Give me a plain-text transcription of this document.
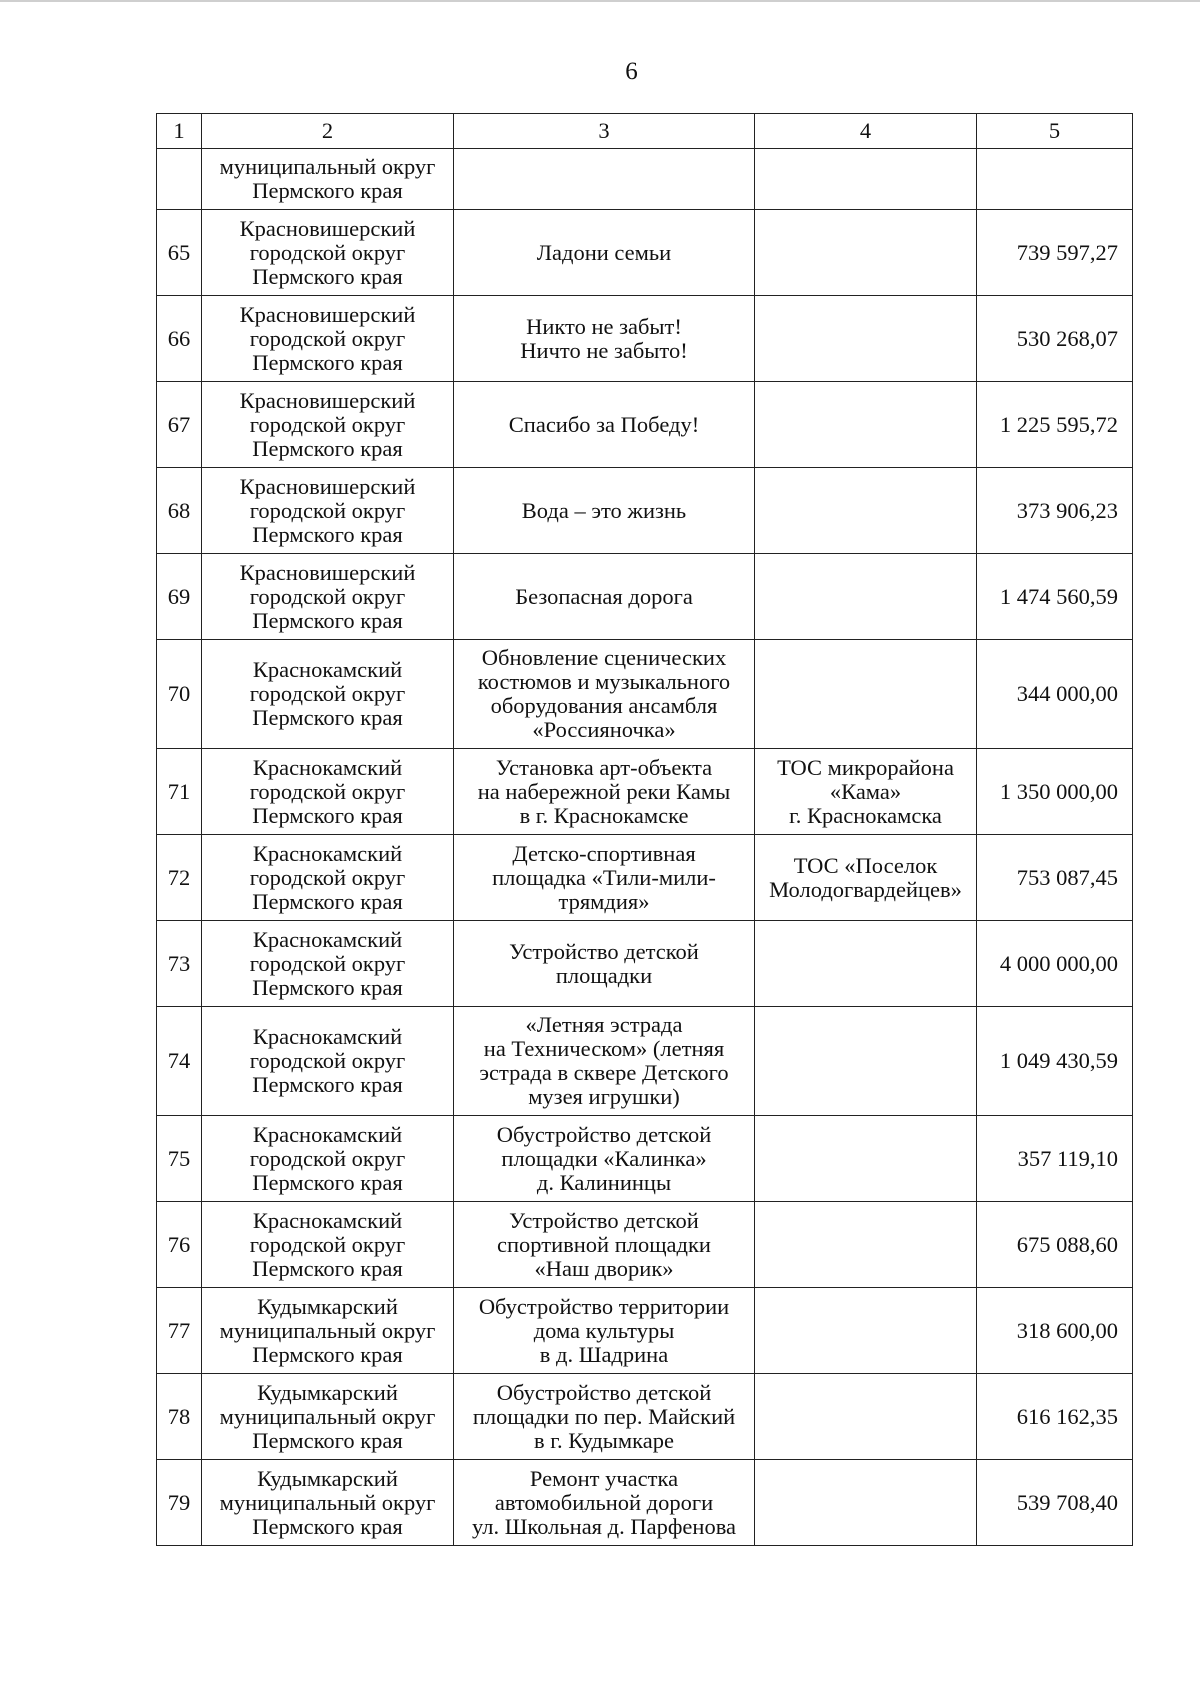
6
1	2	3	4	5

	муниципальный округ
Пермского края			

65	Красновишерский
городской округ
Пермского края	Ладони семьи		739 597,27

66	Красновишерский
городской округ
Пермского края	Никто не забыт!
Ничто не забыто!		530 268,07

67	Красновишерский
городской округ
Пермского края	Спасибо за Победу!		1 225 595,72

68	Красновишерский
городской округ
Пермского края	Вода – это жизнь		373 906,23

69	Красновишерский
городской округ
Пермского края	Безопасная дорога		1 474 560,59

70	Краснокамский
городской округ
Пермского края	Обновление сценических
костюмов и музыкального
оборудования ансамбля
«Россияночка»		344 000,00

71	Краснокамский
городской округ
Пермского края	Установка арт-объекта
на набережной реки Камы
в г. Краснокамске	ТОС микрорайона
«Кама»
г. Краснокамска	1 350 000,00

72	Краснокамский
городской округ
Пермского края	Детско-спортивная
площадка «Тили-мили-
трямдия»	ТОС «Поселок
Молодогвардейцев»	753 087,45

73	Краснокамский
городской округ
Пермского края	Устройство детской
площадки		4 000 000,00

74	Краснокамский
городской округ
Пермского края	«Летняя эстрада
на Техническом» (летняя
эстрада в сквере Детского
музея игрушки)		1 049 430,59

75	Краснокамский
городской округ
Пермского края	Обустройство детской
площадки «Калинка»
д. Калининцы		357 119,10

76	Краснокамский
городской округ
Пермского края	Устройство детской
спортивной площадки
«Наш дворик»		675 088,60

77	Кудымкарский
муниципальный округ
Пермского края	Обустройство территории
дома культуры
в д. Шадрина		318 600,00

78	Кудымкарский
муниципальный округ
Пермского края	Обустройство детской
площадки по пер. Майский
в г. Кудымкаре		616 162,35

79	Кудымкарский
муниципальный округ
Пермского края	Ремонт участка
автомобильной дороги
ул. Школьная д. Парфенова		539 708,40
